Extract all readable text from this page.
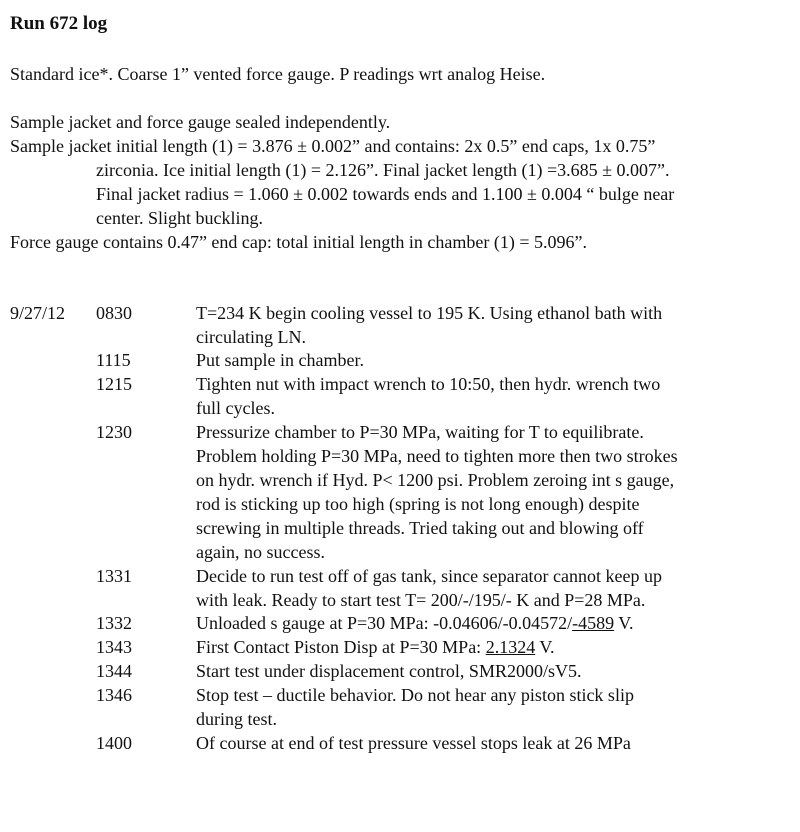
Run 672 log
Standard ice*. Coarse 1” vented force gauge. P readings wrt analog Heise.
Sample jacket and force gauge sealed independently.
Sample jacket initial length (1) = 3.876 ± 0.002” and contains: 2x 0.5” end caps, 1x 0.75”
zirconia. Ice initial length (1) = 2.126”. Final jacket length (1) =3.685 ± 0.007”.
Final jacket radius = 1.060 ± 0.002 towards ends and 1.100 ± 0.004 “ bulge near
center. Slight buckling.
Force gauge contains 0.47” end cap: total initial length in chamber (1) = 5.096”.
9/27/12 0830	T=234 K begin cooling vessel to 195 K. Using ethanol bath with
circulating LN.
1115	Put sample in chamber.
1215	Tighten nut with impact wrench to 10:50, then hydr. wrench two
full cycles.
1230	Pressurize chamber to P=30 MPa, waiting for T to equilibrate.
Problem holding P=30 MPa, need to tighten more then two strokes
on hydr. wrench if Hyd. P< 1200 psi. Problem zeroing int s gauge,
rod is sticking up too high (spring is not long enough) despite
screwing in multiple threads. Tried taking out and blowing off
again, no success.
1331	Decide to run test off of gas tank, since separator cannot keep up
with leak. Ready to start test T= 200/-/195/- K and P=28 MPa.
1332	Unloaded s gauge at P=30 MPa: -0.04606/-0.04572/-4589 V.
1343	First Contact Piston Disp at P=30 MPa: 2.1324 V.
1344	Start test under displacement control, SMR2000/sV5.
1346	Stop test – ductile behavior. Do not hear any piston stick slip
during test.
1400	Of course at end of test pressure vessel stops leak at 26 MPa
